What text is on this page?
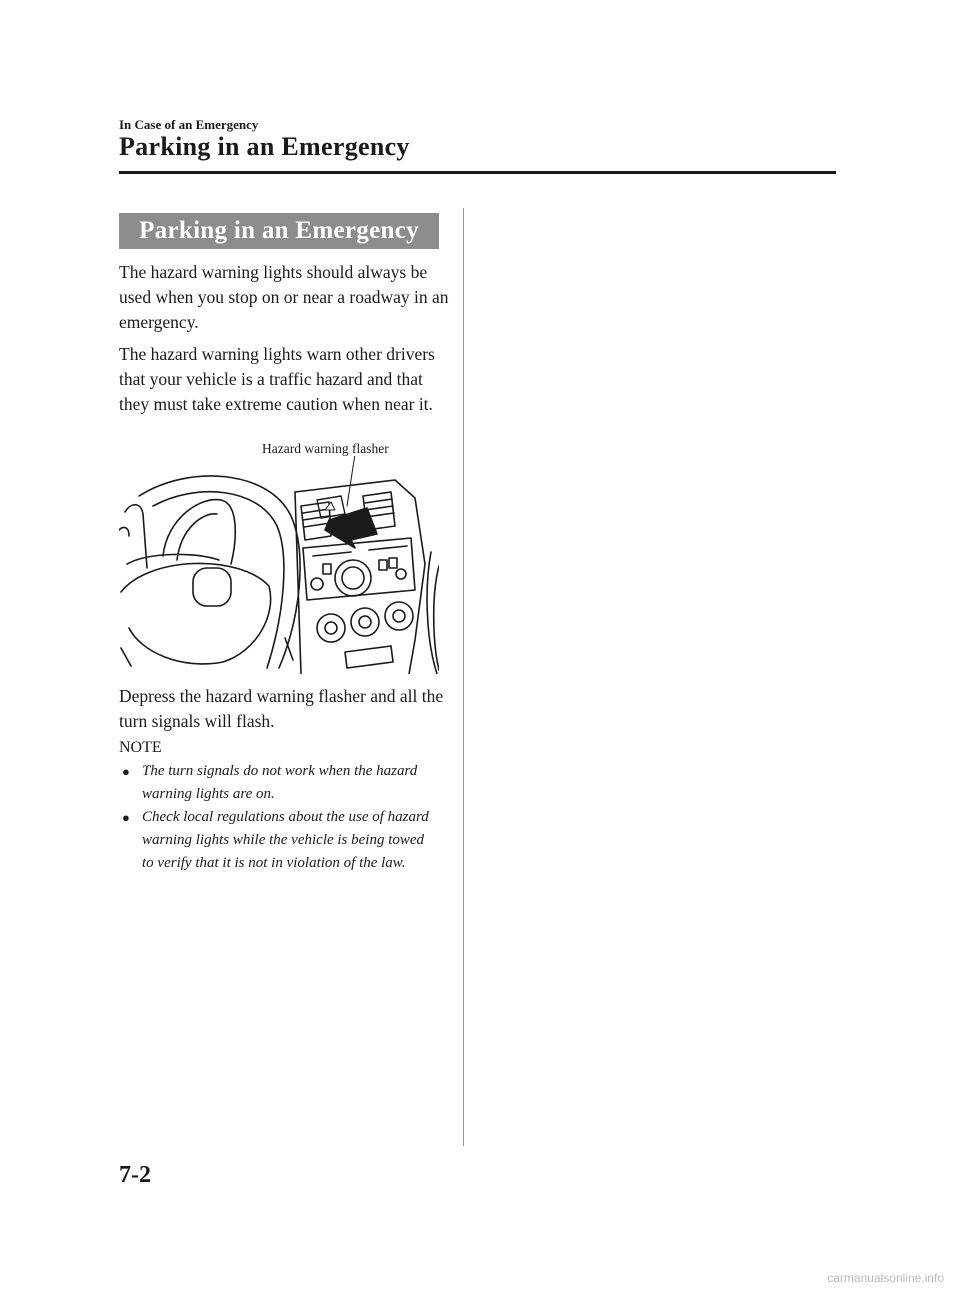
In Case of an Emergency
Parking in an Emergency
Parking in an Emergency

The hazard warning lights should always be used when you stop on or near a roadway in an emergency.

The hazard warning lights warn other drivers that your vehicle is a traffic hazard and that they must take extreme caution when near it.

Hazard warning flasher

Depress the hazard warning flasher and all the turn signals will flash.

NOTE
● The turn signals do not work when the hazard warning lights are on.
● Check local regulations about the use of hazard warning lights while the vehicle is being towed to verify that it is not in violation of the law.
7-2
carmanualsonline.info
